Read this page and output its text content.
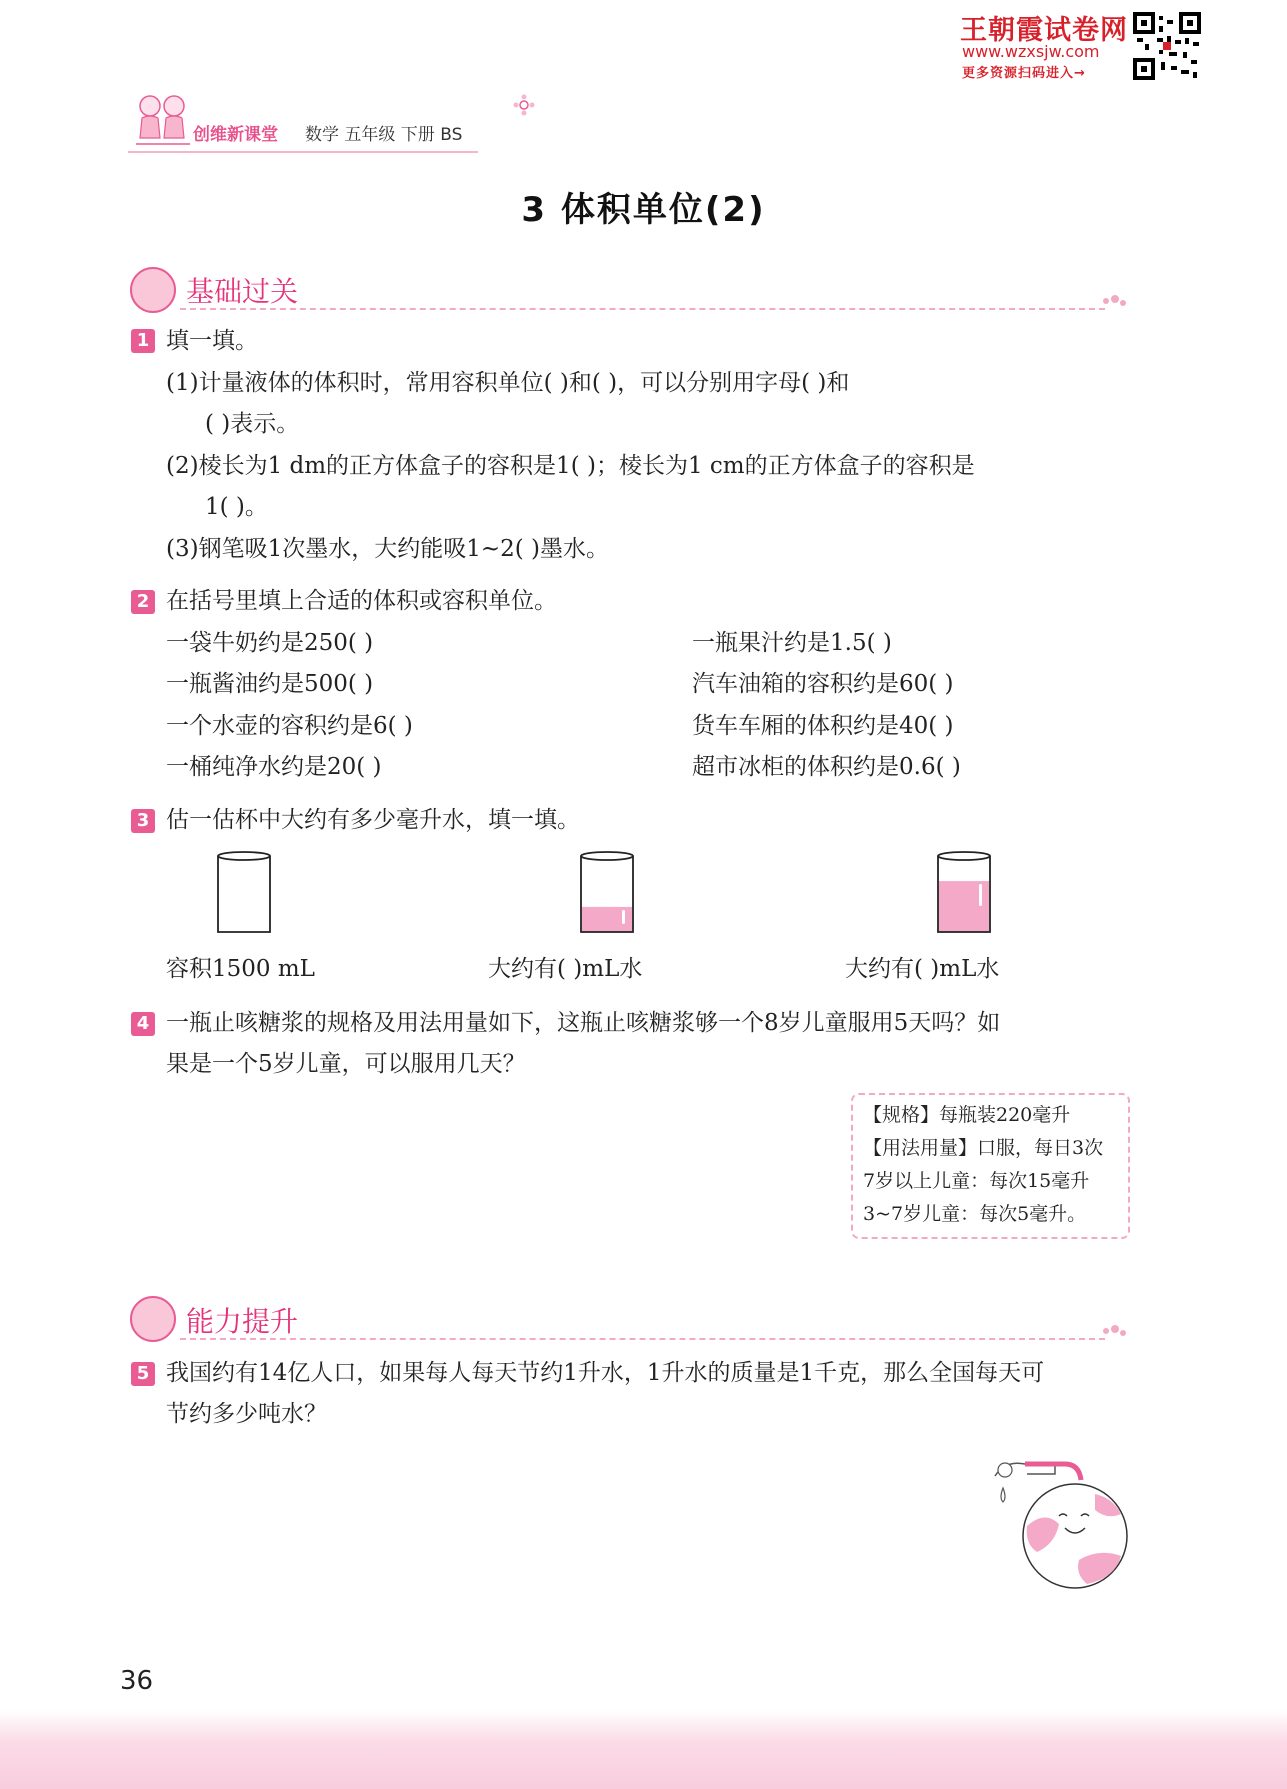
王朝霞试卷网
www.wzxsjw.com
更多资源扫码进入→
创维新课堂 数学 五年级 下册 BS
3 体积单位(2)
基础过关
1 填一填。
(1)计量液体的体积时，常用容积单位( )和( )，可以分别用字母( )和
( )表示。
(2)棱长为1 dm的正方体盒子的容积是1( )；棱长为1 cm的正方体盒子的容积是
1( )。
(3)钢笔吸1次墨水，大约能吸1~2( )墨水。
2 在括号里填上合适的体积或容积单位。
一袋牛奶约是250( )
一瓶酱油约是500( )
一个水壶的容积约是6( )
一桶纯净水约是20( )
一瓶果汁约是1.5( )
汽车油箱的容积约是60( )
货车车厢的体积约是40( )
超市冰柜的体积约是0.6( )
3 估一估杯中大约有多少毫升水，填一填。
容积1500 mL	大约有( )mL水	大约有( )mL水
4 一瓶止咳糖浆的规格及用法用量如下，这瓶止咳糖浆够一个8岁儿童服用5天吗？如
果是一个5岁儿童，可以服用几天？
【规格】每瓶装220毫升
【用法用量】口服，每日3次
7岁以上儿童：每次15毫升
3~7岁儿童：每次5毫升。
能力提升
5 我国约有14亿人口，如果每人每天节约1升水，1升水的质量是1千克，那么全国每天可
节约多少吨水？
36
